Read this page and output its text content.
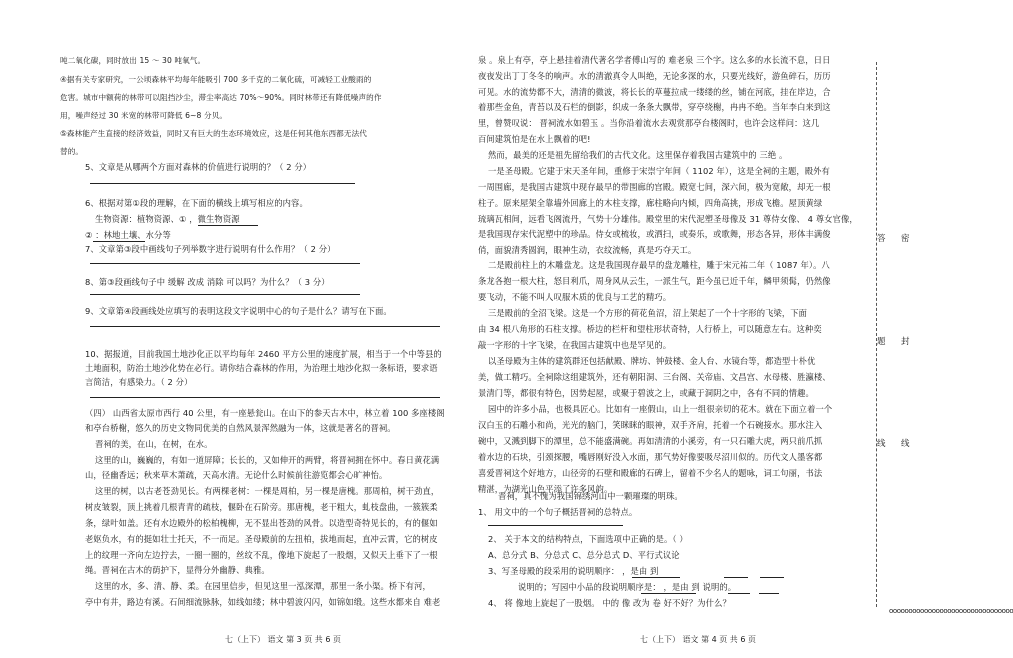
吨二氧化碳，同时放出 15 ～ 30 吨氧气。
④据有关专家研究，一公顷森林平均每年能吸引 700 多千克的二氧化硫，可减轻工业酸雨的
危害。城市中额荷的林带可以阻挡沙尘，滞尘率高达 70%～90%。同时林带还有降低噪声的作
用，噪声经过 30 米宽的林带可降低 6~8 分贝。
⑤森林能产生直接的经济效益，同时又有巨大的生态环境效应，这是任何其他东西都无法代
替的。
5、文章是从哪两个方面对森林的价值进行说明的？（ 2 分）
6、根据对第①段的理解，在下面的横线上填写相应的内容。
生物资源：植物资源、① ，微生物资源
② ：林地土壤、水分等
7、文章第③段中画线句子列举数字进行说明有什么作用？（ 2 分）
8、第③段画线句子中 缓解 改成 消除 可以吗？为什么？（ 3 分）
9、文章第④段画线处应填写的表明这段文字说明中心的句子是什么？请写在下面。
10、据报道，目前我国土地沙化正以平均每年 2460 平方公里的速度扩展，相当于一个中等县的
土地面积，防治土地沙化势在必行。请你结合森林的作用，为治理土地沙化拟一条标语，要求语
言简洁，有感染力。（ 2 分）
（四） 山西省太原市西行 40 公里，有一座悬瓮山。在山下的参天古木中，林立着 100 多座楼阁
和亭台桥榭，悠久的历史文物同优美的自然风景浑然融为一体，这就是著名的晋祠。
晋祠的美，在山，在树，在水。
这里的山，巍巍的，有如一道屏障；长长的，又如伸开的两臂，将晋祠拥在怀中。春日黄花满
山，径幽香远；秋来草木萧疏，天高水清。无论什么时候前往游览都会心旷神怡。
这里的树，以古老苍劲见长。有两棵老树：一棵是周柏，另一棵是唐槐。那周柏，树干劲直，
树皮皱裂，顶上挑着几根青青的疏枝，偃卧在石阶旁。那唐槐，老干粗大，虬枝盘曲，一簇簇柔
条，绿叶如盖。还有水边殿外的松柏槐柳，无不显出苍劲的风骨。以造型奇特见长的，有的偃如
老妪负水，有的挺如壮士托天，不一而足。圣母殿前的左扭柏，拔地而起，直冲云霄，它的树皮
上的纹理一齐向左边拧去，一圈一圈的，丝纹不乱，像地下旋起了一股烟，又似天上垂下了一根
绳。晋祠在古木的荫护下，显得分外幽静、典雅。
这里的水，多、清、静、柔。在园里信步，但见这里一泓深潭，那里一条小渠。桥下有河，
亭中有井，路边有溪。石间细流脉脉，如线如缕；林中碧波闪闪，如锦如缎。这些水都来自 难老
七（上下） 语文 第 3 页 共 6 页
泉 。泉上有亭，亭上悬挂着清代著名学者傅山写的 难老泉 三个字。这么多的水长流不息，日日
夜夜发出丁丁冬冬的响声。水的清澈真令人叫绝，无论多深的水，只要光线好，游鱼碎石，历历
可见。水的流势都不大，清清的微波，将长长的草蔓拉成一缕缕的丝，铺在河底，挂在岸边，合
着那些金鱼，青苔以及石栏的倒影，织成一条条大飘带，穿亭绕榭，冉冉不绝。当年李白来到这
里，曾赞叹说： 晋祠流水如碧玉 。当你沿着流水去观赏那亭台楼阁时，也许会这样问：这几
百间建筑怕是在水上飘着的吧!
然而，最美的还是祖先留给我们的古代文化。这里保存着我国古建筑中的 三绝 。
一是圣母殿。它建于宋天圣年间，重修于宋崇宁年间（ 1102 年），这是全祠的主题，殿外有
一周围廊，是我国古建筑中现存最早的带围廊的宫殿。殿宽七间，深六间，极为宽敞，却无一根
柱子。原来屋架全靠墙外回廊上的木柱支撑，廊柱略向内倾，四角高挑，形成飞檐。屋顶黄绿
琉璃瓦相间，远看飞阁流丹，气势十分雄伟。殿堂里的宋代泥塑圣母像及 31 尊侍女像、 4 尊女官像，
是我国现存宋代泥塑中的珍品。侍女或梳妆，或洒扫，或奏乐，或歌舞，形态各异，形体丰满俊
俏，面貌清秀圆润，眼神生动，衣纹流畅，真是巧夺天工。
二是殿前柱上的木雕盘龙。这是我国现存最早的盘龙雕柱，雕于宋元祐二年（ 1087 年）。八
条龙各抱一根大柱，怒目利爪，周身风从云生，一派生气，距今虽已近千年，鳞甲须髯，仍然像
要飞动，不能不叫人叹服木质的优良与工艺的精巧。
三是殿前的全沼飞梁。这是一个方形的荷花鱼沼，沼上架起了一个十字形的飞梁，下面
由 34 根八角形的石柱支撑。桥边的栏杆和望柱形状奇特，人行桥上，可以随意左右。这种奕
敲一字形的十字飞梁，在我国古建筑中也是罕见的。
以圣母殿为主体的建筑群还包括献殿、牌坊、钟鼓楼、金人台、水镜台等，都造型十朴优
美，做工精巧。全祠除这组建筑外，还有朝阳洞、三台阁、关帝庙、文昌宫、水母楼、胜瀛楼、
景清门等，都很有特色，因势起屋，或聚于碧波之上，或藏于洞阴之中，各有不同的情趣。
园中的许多小品，也极具匠心。比如有一座假山，山上一组很亲切的花木。就在下面立着一个
汉白玉的石雕小和尚，光光的脑门，笑眯眯的眼神，双手齐肩，托着一个石碗接水。那水注入
碗中，又溅到脚下的潭里，总不能盛满碗。再如清清的小溪旁，有一只石雕大虎，两只前爪抓
着水边的石块，引颈探腰，嘴唇刚好没入水面，那气势好像要吸尽沼川似的。历代文人墨客都
喜爱晋祠这个好地方，山径旁的石壁和殿廊的石碑上，留着不少名人的题咏，词工句丽，书法
精湛，为湖光山色平添了许多风韵。
晋祠，真不愧为我国锦绣河山中一颗璀璨的明珠。
1、 用文中的一个句子概括晋祠的总特点。
2、 关于本文的结构特点，下面选项中正确的是。（ ）
A、总分式 B、分总式 C、总分总式 D、平行式议论
3、写圣母殿的段采用的说明顺序： ，是由 到
说明的；写园中小品的段说明顺序是： ，是由 到 说明的。
4、 将 像地上旋起了一股烟。 中的 像 改为 卷 好不好？为什么？
七（上下） 语文 第 4 页 共 6 页
答 密
题 封
线 线
oooooooooooooooooooooooooooooooo
